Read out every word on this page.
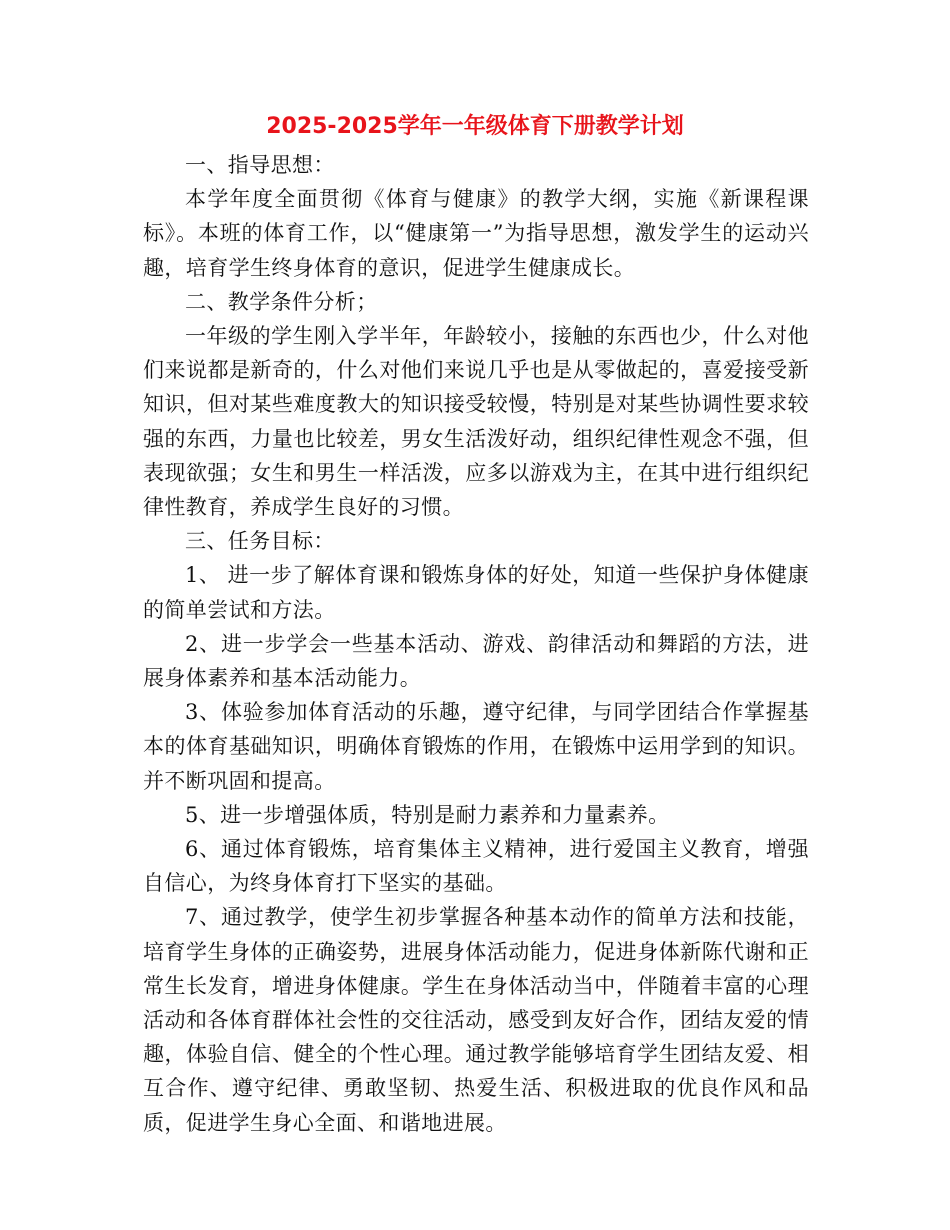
2025-2025学年一年级体育下册教学计划

一、指导思想：

本学年度全面贯彻《体育与健康》的教学大纲，实施《新课程课标》。本班的体育工作，以“健康第一”为指导思想，激发学生的运动兴趣，培育学生终身体育的意识，促进学生健康成长。

二、教学条件分析；

一年级的学生刚入学半年，年龄较小，接触的东西也少，什么对他们来说都是新奇的，什么对他们来说几乎也是从零做起的，喜爱接受新知识，但对某些难度教大的知识接受较慢，特别是对某些协调性要求较强的东西，力量也比较差，男女生活泼好动，组织纪律性观念不强，但表现欲强；女生和男生一样活泼，应多以游戏为主，在其中进行组织纪律性教育，养成学生良好的习惯。

三、任务目标：

1、 进一步了解体育课和锻炼身体的好处，知道一些保护身体健康的简单尝试和方法。

2、进一步学会一些基本活动、游戏、韵律活动和舞蹈的方法，进展身体素养和基本活动能力。

3、体验参加体育活动的乐趣，遵守纪律，与同学团结合作掌握基本的体育基础知识，明确体育锻炼的作用，在锻炼中运用学到的知识。并不断巩固和提高。

5、进一步增强体质，特别是耐力素养和力量素养。

6、通过体育锻炼，培育集体主义精神，进行爱国主义教育，增强自信心，为终身体育打下坚实的基础。

7、通过教学，使学生初步掌握各种基本动作的简单方法和技能，培育学生身体的正确姿势，进展身体活动能力，促进身体新陈代谢和正常生长发育，增进身体健康。学生在身体活动当中，伴随着丰富的心理活动和各体育群体社会性的交往活动，感受到友好合作，团结友爱的情趣，体验自信、健全的个性心理。通过教学能够培育学生团结友爱、相互合作、遵守纪律、勇敢坚韧、热爱生活、积极进取的优良作风和品质，促进学生身心全面、和谐地进展。
